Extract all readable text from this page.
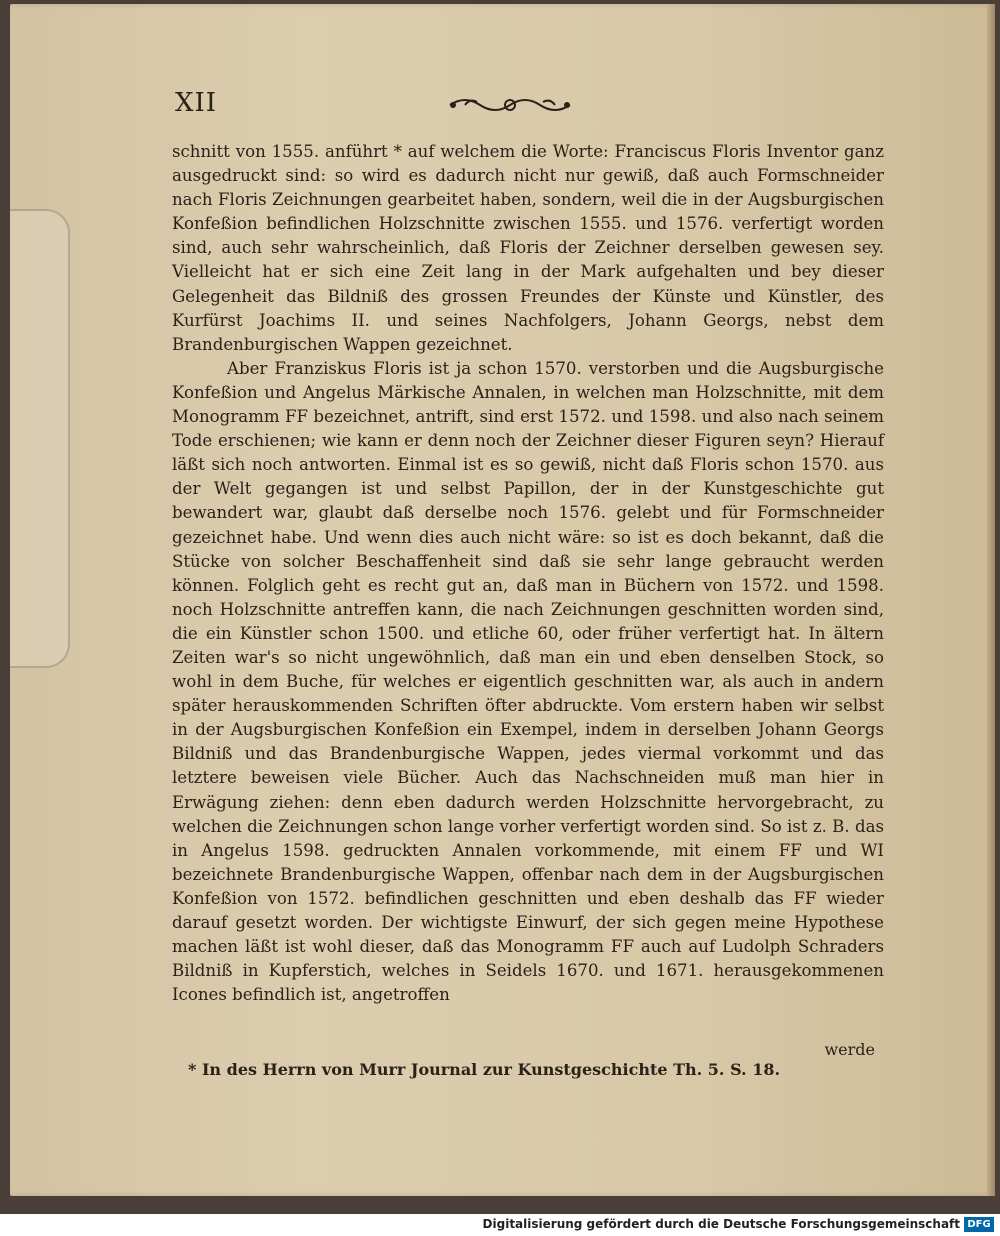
XII

schnitt von 1555. anführt * auf welchem die Worte: Franciscus Floris Inventor ganz ausgedruckt sind: so wird es dadurch nicht nur gewiß, daß auch Formschneider nach Floris Zeichnungen gearbeitet haben, sondern, weil die in der Augsburgischen Konfeßion befindlichen Holzschnitte zwischen 1555. und 1576. verfertigt worden sind, auch sehr wahrscheinlich, daß Floris der Zeichner derselben gewesen sey. Vielleicht hat er sich eine Zeit lang in der Mark aufgehalten und bey dieser Gelegenheit das Bildniß des grossen Freundes der Künste und Künstler, des Kurfürst Joachims II. und seines Nachfolgers, Johann Georgs, nebst dem Brandenburgischen Wappen gezeichnet.

Aber Franziskus Floris ist ja schon 1570. verstorben und die Augsburgische Konfeßion und Angelus Märkische Annalen, in welchen man Holzschnitte, mit dem Monogramm FF bezeichnet, antrift, sind erst 1572. und 1598. und also nach seinem Tode erschienen; wie kann er denn noch der Zeichner dieser Figuren seyn? Hierauf läßt sich noch antworten. Einmal ist es so gewiß, nicht daß Floris schon 1570. aus der Welt gegangen ist und selbst Papillon, der in der Kunstgeschichte gut bewandert war, glaubt daß derselbe noch 1576. gelebt und für Formschneider gezeichnet habe. Und wenn dies auch nicht wäre: so ist es doch bekannt, daß die Stücke von solcher Beschaffenheit sind daß sie sehr lange gebraucht werden können. Folglich geht es recht gut an, daß man in Büchern von 1572. und 1598. noch Holzschnitte antreffen kann, die nach Zeichnungen geschnitten worden sind, die ein Künstler schon 1500. und etliche 60, oder früher verfertigt hat. In ältern Zeiten war's so nicht ungewöhnlich, daß man ein und eben denselben Stock, so wohl in dem Buche, für welches er eigentlich geschnitten war, als auch in andern später herauskommenden Schriften öfter abdruckte. Vom erstern haben wir selbst in der Augsburgischen Konfeßion ein Exempel, indem in derselben Johann Georgs Bildniß und das Brandenburgische Wappen, jedes viermal vorkommt und das letztere beweisen viele Bücher. Auch das Nachschneiden muß man hier in Erwägung ziehen: denn eben dadurch werden Holzschnitte hervorgebracht, zu welchen die Zeichnungen schon lange vorher verfertigt worden sind. So ist z. B. das in Angelus 1598. gedruckten Annalen vorkommende, mit einem FF und WI bezeichnete Brandenburgische Wappen, offenbar nach dem in der Augsburgischen Konfeßion von 1572. befindlichen geschnitten und eben deshalb das FF wieder darauf gesetzt worden. Der wichtigste Einwurf, der sich gegen meine Hypothese machen läßt ist wohl dieser, daß das Monogramm FF auch auf Ludolph Schraders Bildniß in Kupferstich, welches in Seidels 1670. und 1671. herausgekommenen Icones befindlich ist, angetroffen

werde
* In des Herrn von Murr Journal zur Kunstgeschichte Th. 5. S. 18.
Digitalisierung gefördert durch die Deutsche Forschungsgemeinschaft DFG
